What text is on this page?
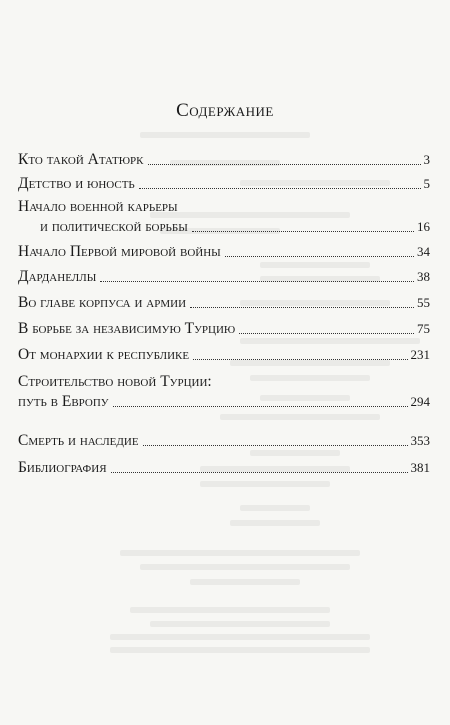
Содержание
Кто такой Ататюрк	3
Детство и юность	5
Начало военной карьеры
и политической борьбы	16
Начало Первой мировой войны	34
Дарданеллы	38
Во главе корпуса и армии	55
В борьбе за независимую Турцию	75
От монархии к республике	231
Строительство новой Турции:
путь в Европу	294
Смерть и наследие	353
Библиография	381
